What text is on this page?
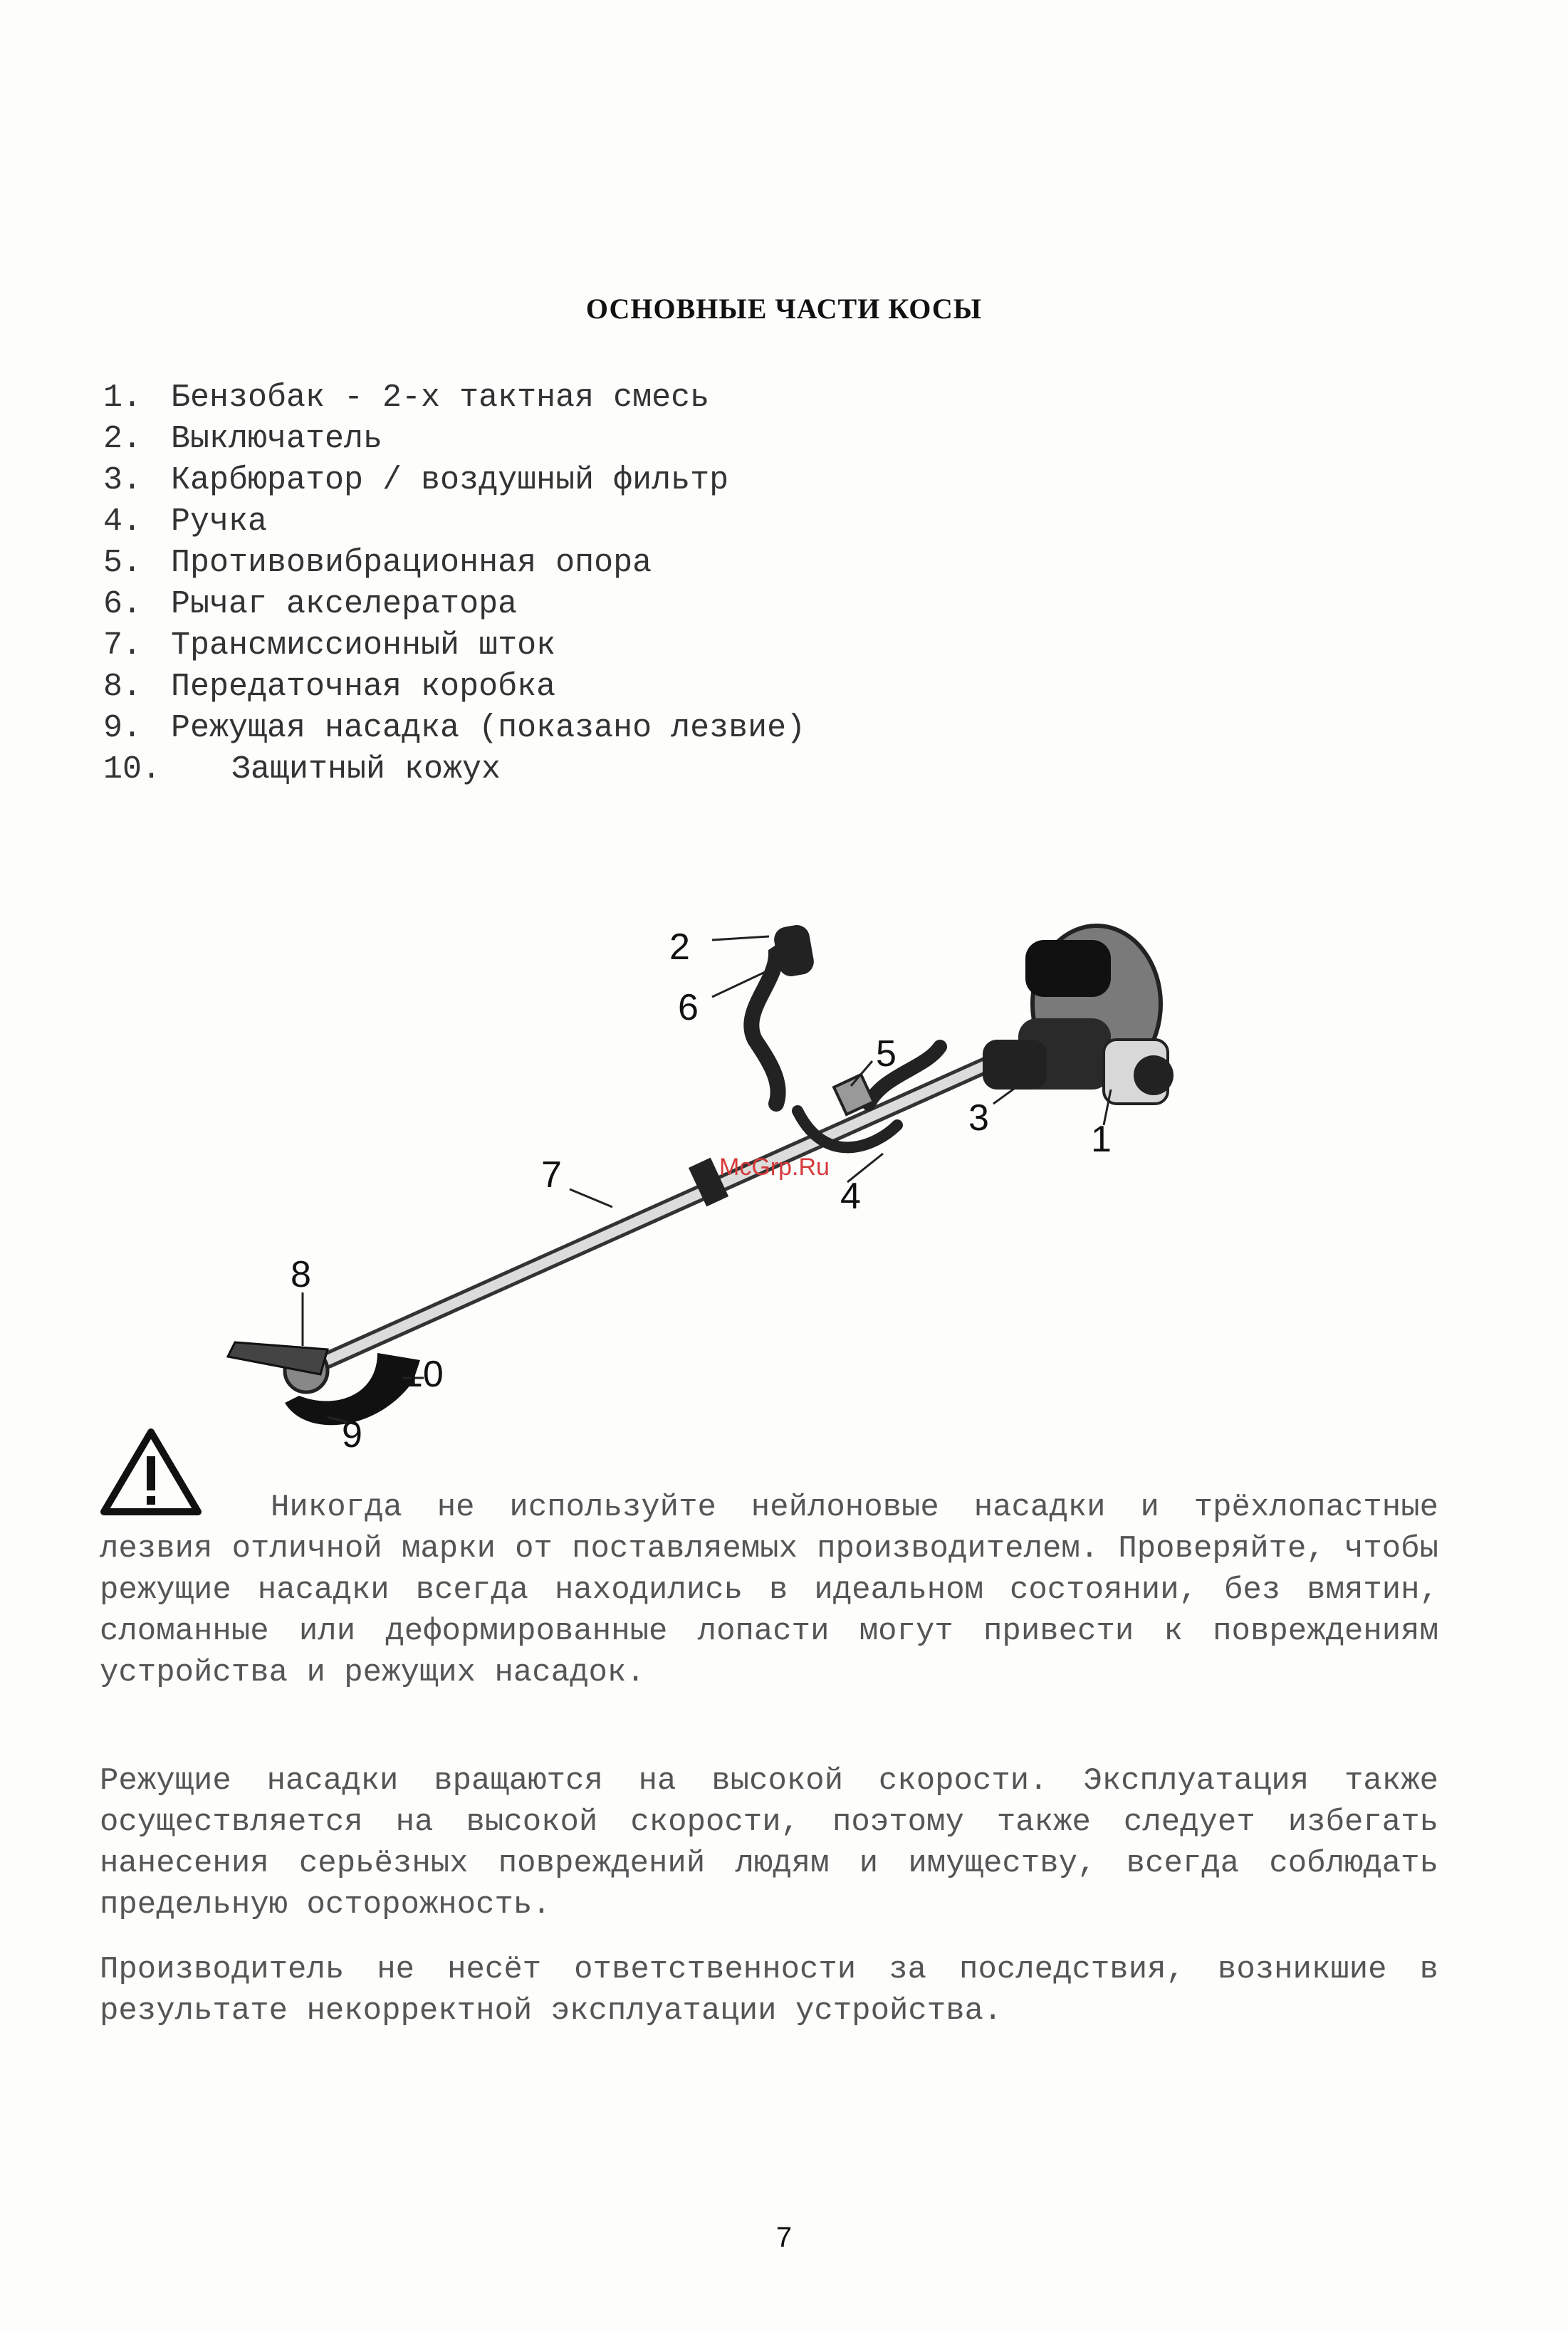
ОСНОВНЫЕ ЧАСТИ КОСЫ
1. Бензобак - 2-х тактная смесь
2. Выключатель
3. Карбюратор / воздушный фильтр
4. Ручка
5. Противовибрационная опора
6. Рычаг акселератора
7. Трансмиссионный шток
8. Передаточная коробка
9. Режущая насадка (показано лезвие)
10. Защитный кожух
2
6
5
3
1
7
4
8
10
9
McGrp.Ru

Никогда не используйте нейлоновые насадки и трёхлопастные лезвия отличной марки от поставляемых производителем. Проверяйте, чтобы режущие насадки всегда находились в идеальном состоянии, без вмятин, сломанные или деформированные лопасти могут привести к повреждениям устройства и режущих насадок.

Режущие насадки вращаются на высокой скорости. Эксплуатация также осуществляется на высокой скорости, поэтому также следует избегать нанесения серьёзных повреждений людям и имуществу, всегда соблюдать предельную осторожность.

Производитель не несёт ответственности за последствия, возникшие в результате некорректной эксплуатации устройства.

7
